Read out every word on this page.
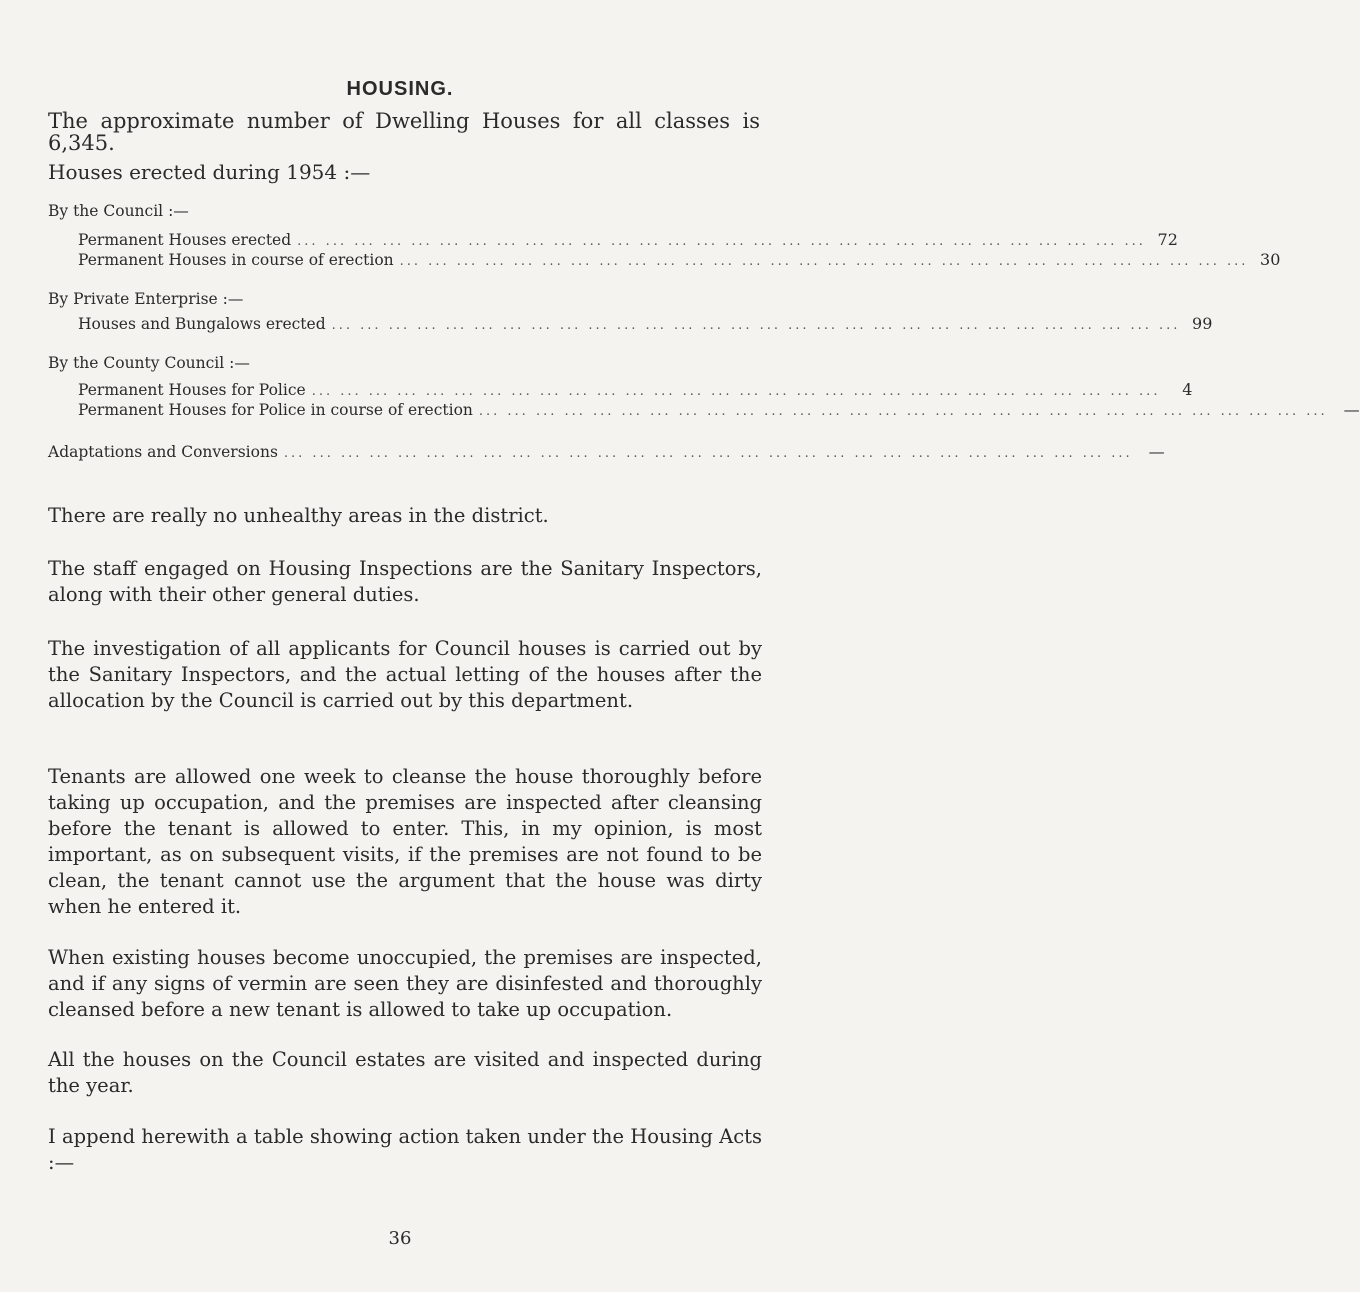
HOUSING.
The approximate number of Dwelling Houses for all classes is 6,345.
Houses erected during 1954 :—
By the Council :—
Permanent Houses erected ... ... ... ... ... ... ... ... ... ... ... ... ... ... ... ... ... ... ... ... ... ... ... ... ... ... ... ... ... ... 72
Permanent Houses in course of erection ... ... ... ... ... ... ... ... ... ... ... ... ... ... ... ... ... ... ... ... ... ... ... ... ... ... ... ... ... ... 30
By Private Enterprise :—
Houses and Bungalows erected ... ... ... ... ... ... ... ... ... ... ... ... ... ... ... ... ... ... ... ... ... ... ... ... ... ... ... ... ... ... 99
By the County Council :—
Permanent Houses for Police ... ... ... ... ... ... ... ... ... ... ... ... ... ... ... ... ... ... ... ... ... ... ... ... ... ... ... ... ... ...	4
Permanent Houses for Police in course of erection ... ... ... ... ... ... ... ... ... ... ... ... ... ... ... ... ... ... ... ... ... ... ... ... ... ... ... ... ... ...	—
Adaptations and Conversions ... ... ... ... ... ... ... ... ... ... ... ... ... ... ... ... ... ... ... ... ... ... ... ... ... ... ... ... ... ...	—
There are really no unhealthy areas in the district.
The staff engaged on Housing Inspections are the Sanitary Inspectors, along with their other general duties.
The investigation of all applicants for Council houses is carried out by the Sanitary Inspectors, and the actual letting of the houses after the allocation by the Council is carried out by this department.
Tenants are allowed one week to cleanse the house thoroughly before taking up occupation, and the premises are inspected after cleansing before the tenant is allowed to enter. This, in my opinion, is most important, as on subsequent visits, if the premises are not found to be clean, the tenant cannot use the argument that the house was dirty when he entered it.
When existing houses become unoccupied, the premises are inspected, and if any signs of vermin are seen they are disinfested and thoroughly cleansed before a new tenant is allowed to take up occupation.
All the houses on the Council estates are visited and inspected during the year.
I append herewith a table showing action taken under the Housing Acts :—
36
